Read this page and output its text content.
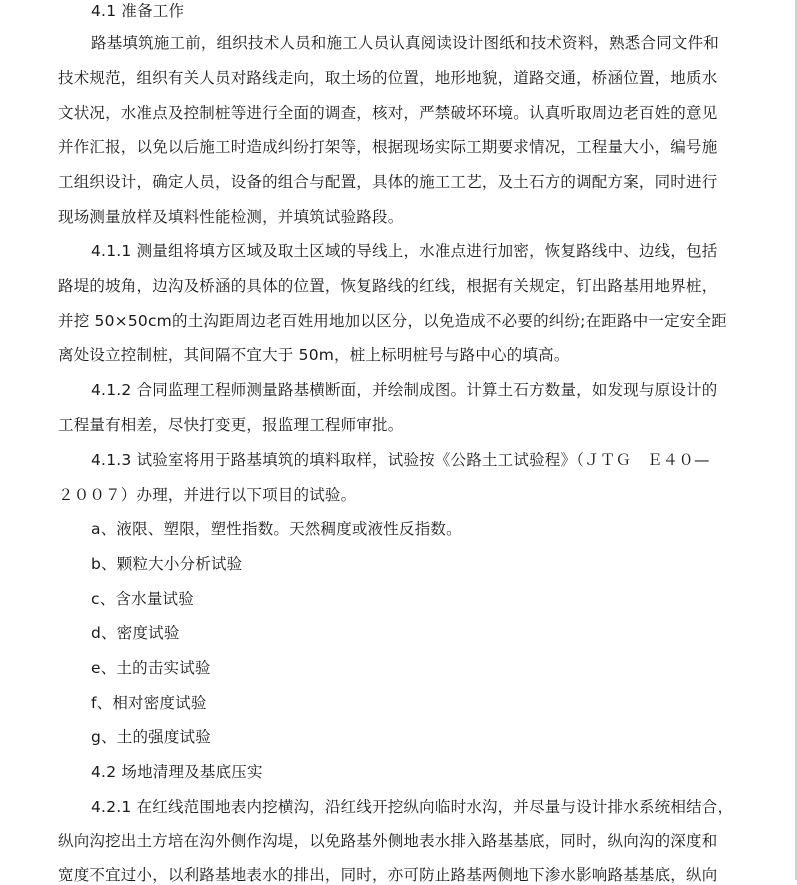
4.1 准备工作
路基填筑施工前，组织技术人员和施工人员认真阅读设计图纸和技术资料，熟悉合同文件和
技术规范，组织有关人员对路线走向，取土场的位置，地形地貌，道路交通，桥涵位置，地质水
文状况，水准点及控制桩等进行全面的调查，核对，严禁破坏环境。认真听取周边老百姓的意见
并作汇报，以免以后施工时造成纠纷打架等，根据现场实际工期要求情况，工程量大小，编号施
工组织设计，确定人员，设备的组合与配置，具体的施工工艺，及土石方的调配方案，同时进行
现场测量放样及填料性能检测，并填筑试验路段。
4.1.1 测量组将填方区域及取土区域的导线上，水准点进行加密，恢复路线中、边线，包括
路堤的坡角，边沟及桥涵的具体的位置，恢复路线的红线，根据有关规定，钉出路基用地界桩，
并挖 50×50cm的土沟距周边老百姓用地加以区分，以免造成不必要的纠纷;在距路中一定安全距
离处设立控制桩，其间隔不宜大于 50m，桩上标明桩号与路中心的填高。
4.1.2 合同监理工程师测量路基横断面，并绘制成图。计算土石方数量，如发现与原设计的
工程量有相差，尽快打变更，报监理工程师审批。
4.1.3 试验室将用于路基填筑的填料取样，试验按《公路土工试验程》（ＪＴＧ　Ｅ４０—
２００７）办理，并进行以下项目的试验。
a、液限、塑限，塑性指数。天然稠度或液性反指数。
b、颗粒大小分析试验
c、含水量试验
d、密度试验
e、土的击实试验
f、相对密度试验
g、土的强度试验
4.2 场地清理及基底压实
4.2.1 在红线范围地表内挖横沟，沿红线开挖纵向临时水沟，并尽量与设计排水系统相结合，
纵向沟挖出土方培在沟外侧作沟堤，以免路基外侧地表水排入路基基底，同时，纵向沟的深度和
宽度不宜过小，以利路基地表水的排出，同时，亦可防止路基两侧地下渗水影响路基基底，纵向
